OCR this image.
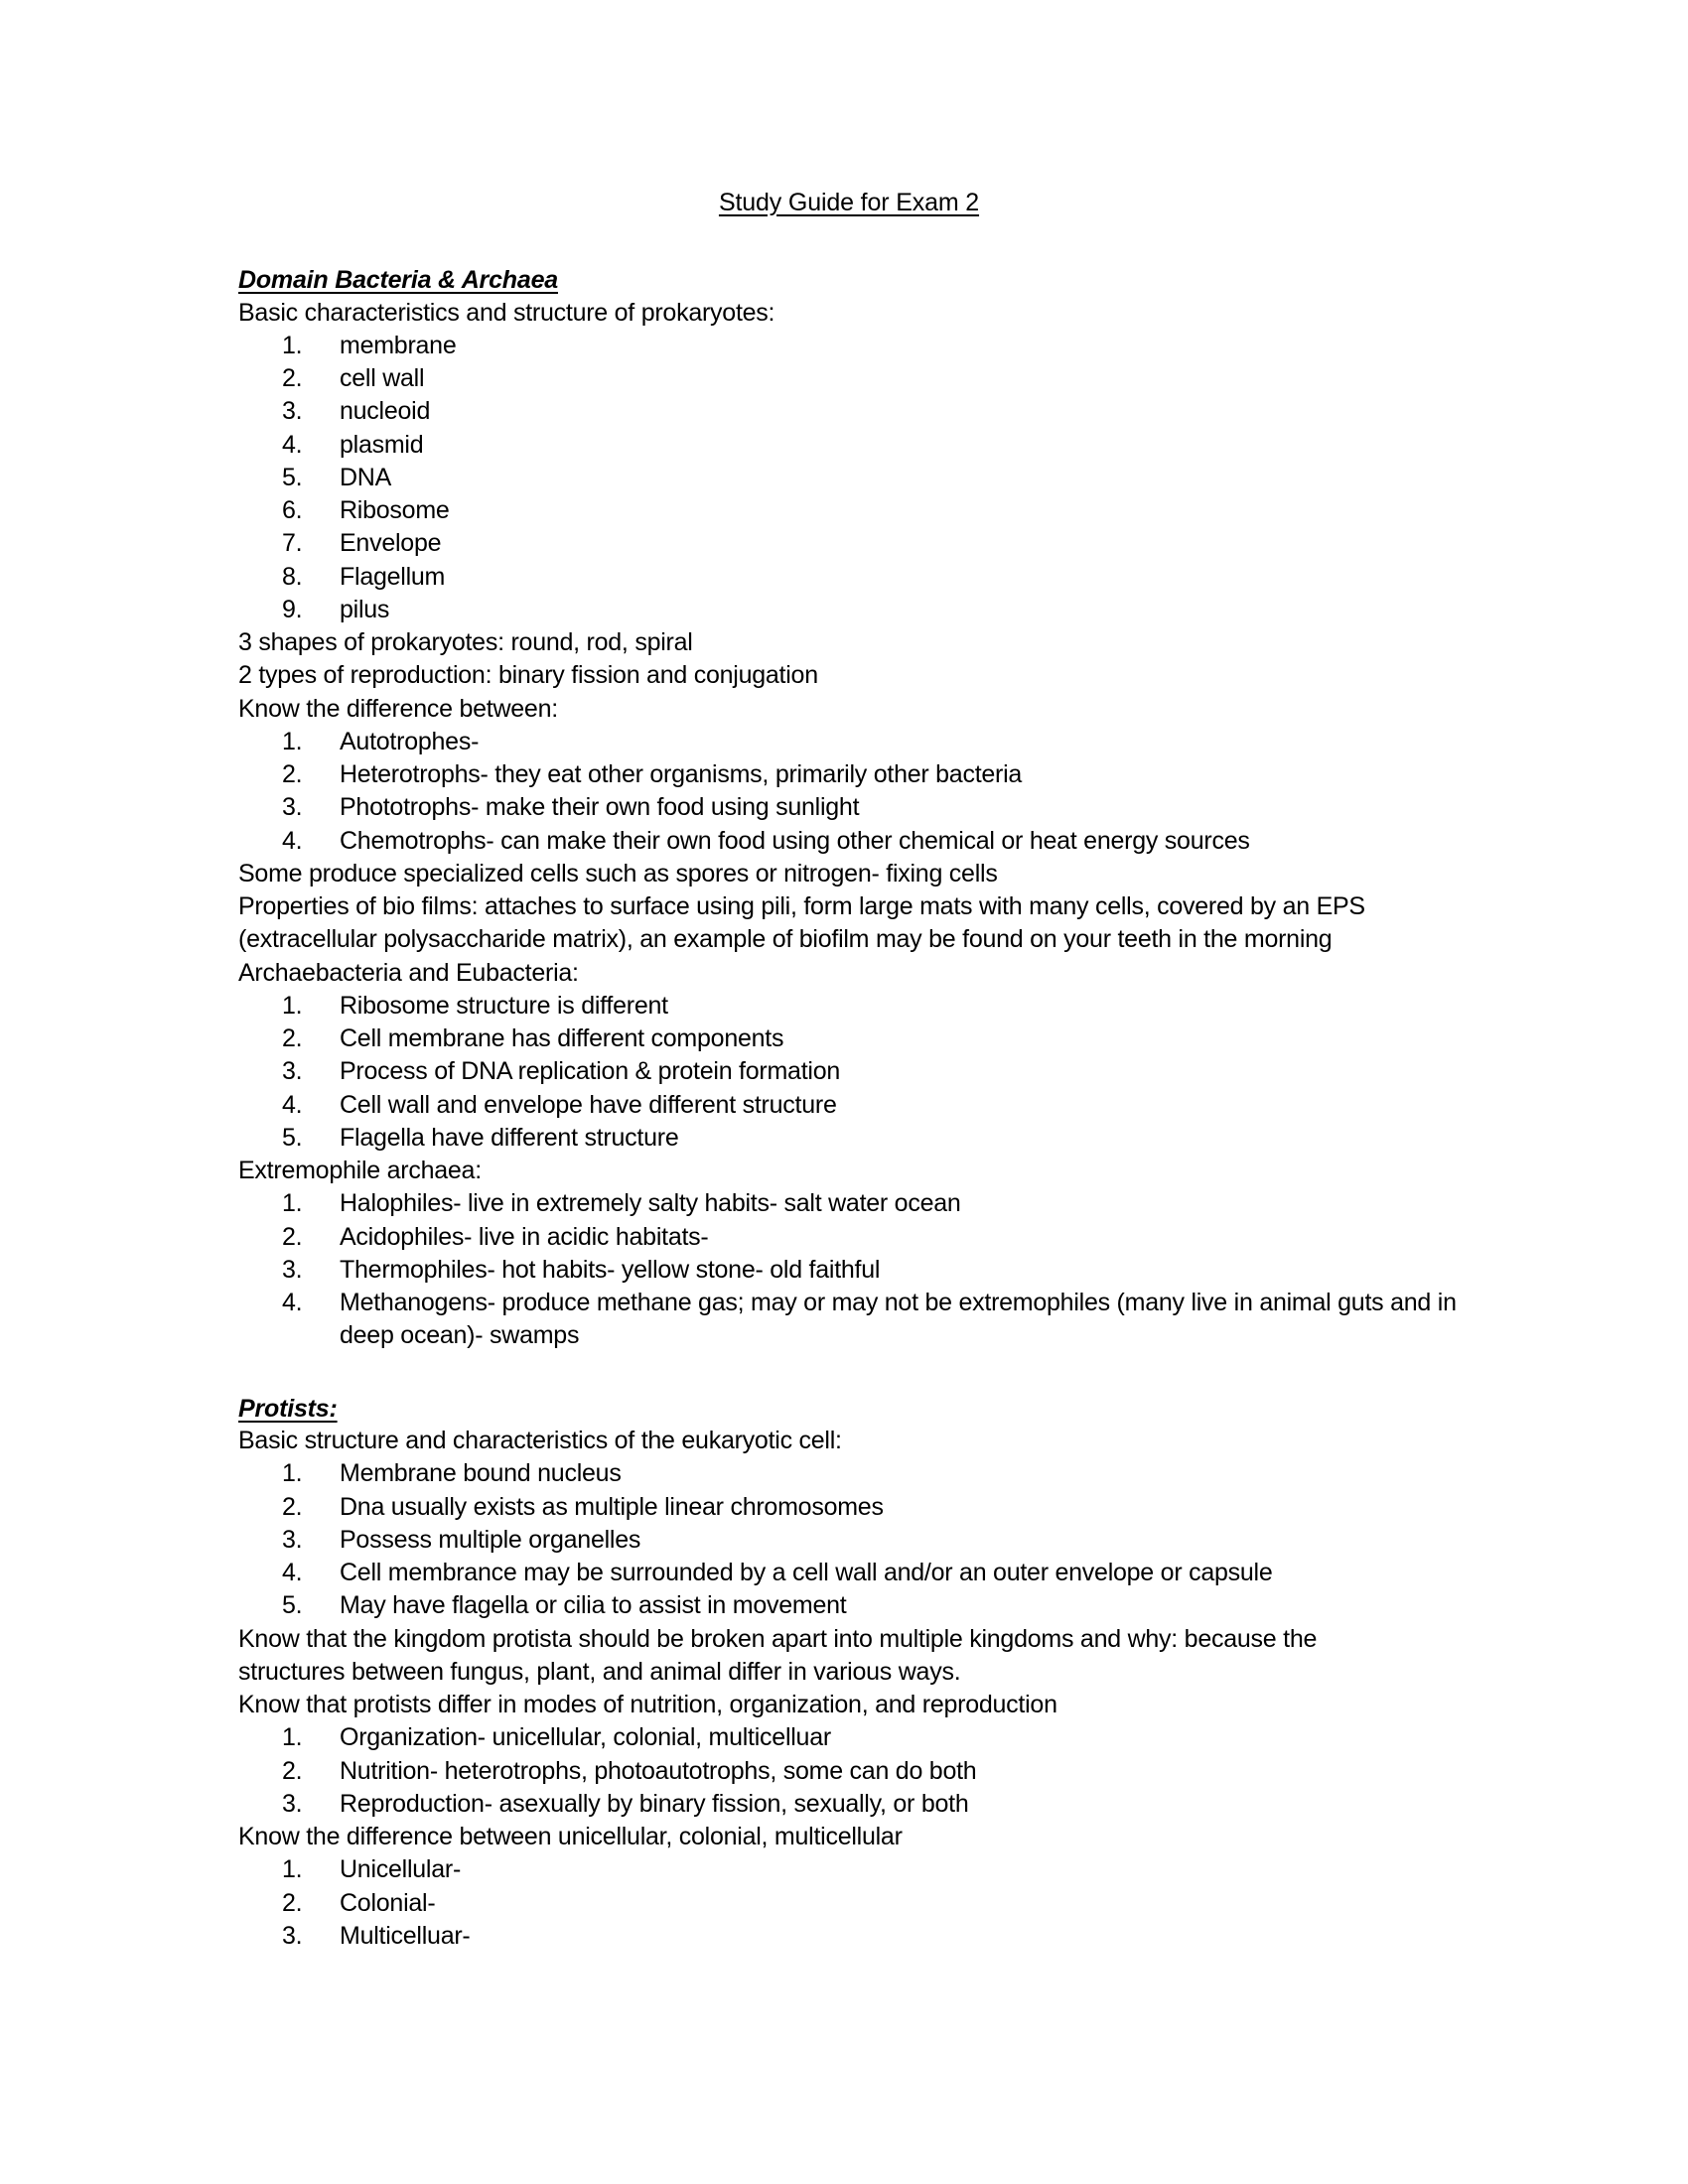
Study Guide for Exam 2
Domain Bacteria & Archaea
Basic characteristics and structure of prokaryotes:
1.	membrane
2.	cell wall
3.	nucleoid
4.	plasmid
5.	DNA
6.	Ribosome
7.	Envelope
8.	Flagellum
9.	pilus
3 shapes of prokaryotes: round, rod, spiral
2 types of reproduction: binary fission and conjugation
Know the difference between:
1.	Autotrophes-
2.	Heterotrophs- they eat other organisms, primarily other bacteria
3.	Phototrophs- make their own food using sunlight
4.	Chemotrophs- can make their own food using other chemical or heat energy sources
Some produce specialized cells such as spores or nitrogen- fixing cells
Properties of bio films: attaches to surface using pili, form large mats with many cells, covered by an EPS (extracellular polysaccharide matrix), an example of biofilm may be found on your teeth in the morning
Archaebacteria and Eubacteria:
1.	Ribosome structure is different
2.	Cell membrane has different components
3.	Process of DNA replication & protein formation
4.	Cell wall and envelope have different structure
5.	Flagella have different structure
Extremophile archaea:
1.	Halophiles- live in extremely salty habits- salt water ocean
2.	Acidophiles- live in acidic habitats-
3.	Thermophiles- hot habits- yellow stone- old faithful
4.	Methanogens- produce methane gas; may or may not be extremophiles (many live in animal guts and in deep ocean)- swamps
Protists:
Basic structure and characteristics of the eukaryotic cell:
1.	Membrane bound nucleus
2.	Dna usually exists as multiple linear chromosomes
3.	Possess multiple organelles
4.	Cell membrance may be surrounded by a cell wall and/or an outer envelope or capsule
5.	May have flagella or cilia to assist in movement
Know that the kingdom protista should be broken apart into multiple kingdoms and why: because the structures between fungus, plant, and animal differ in various ways.
Know that protists differ in modes of nutrition, organization, and reproduction
1.	Organization- unicellular, colonial, multicelluar
2.	Nutrition- heterotrophs, photoautotrophs, some can do both
3.	Reproduction- asexually by binary fission, sexually, or both
Know the difference between unicellular, colonial, multicellular
1.	Unicellular-
2.	Colonial-
3.	Multicelluar-
